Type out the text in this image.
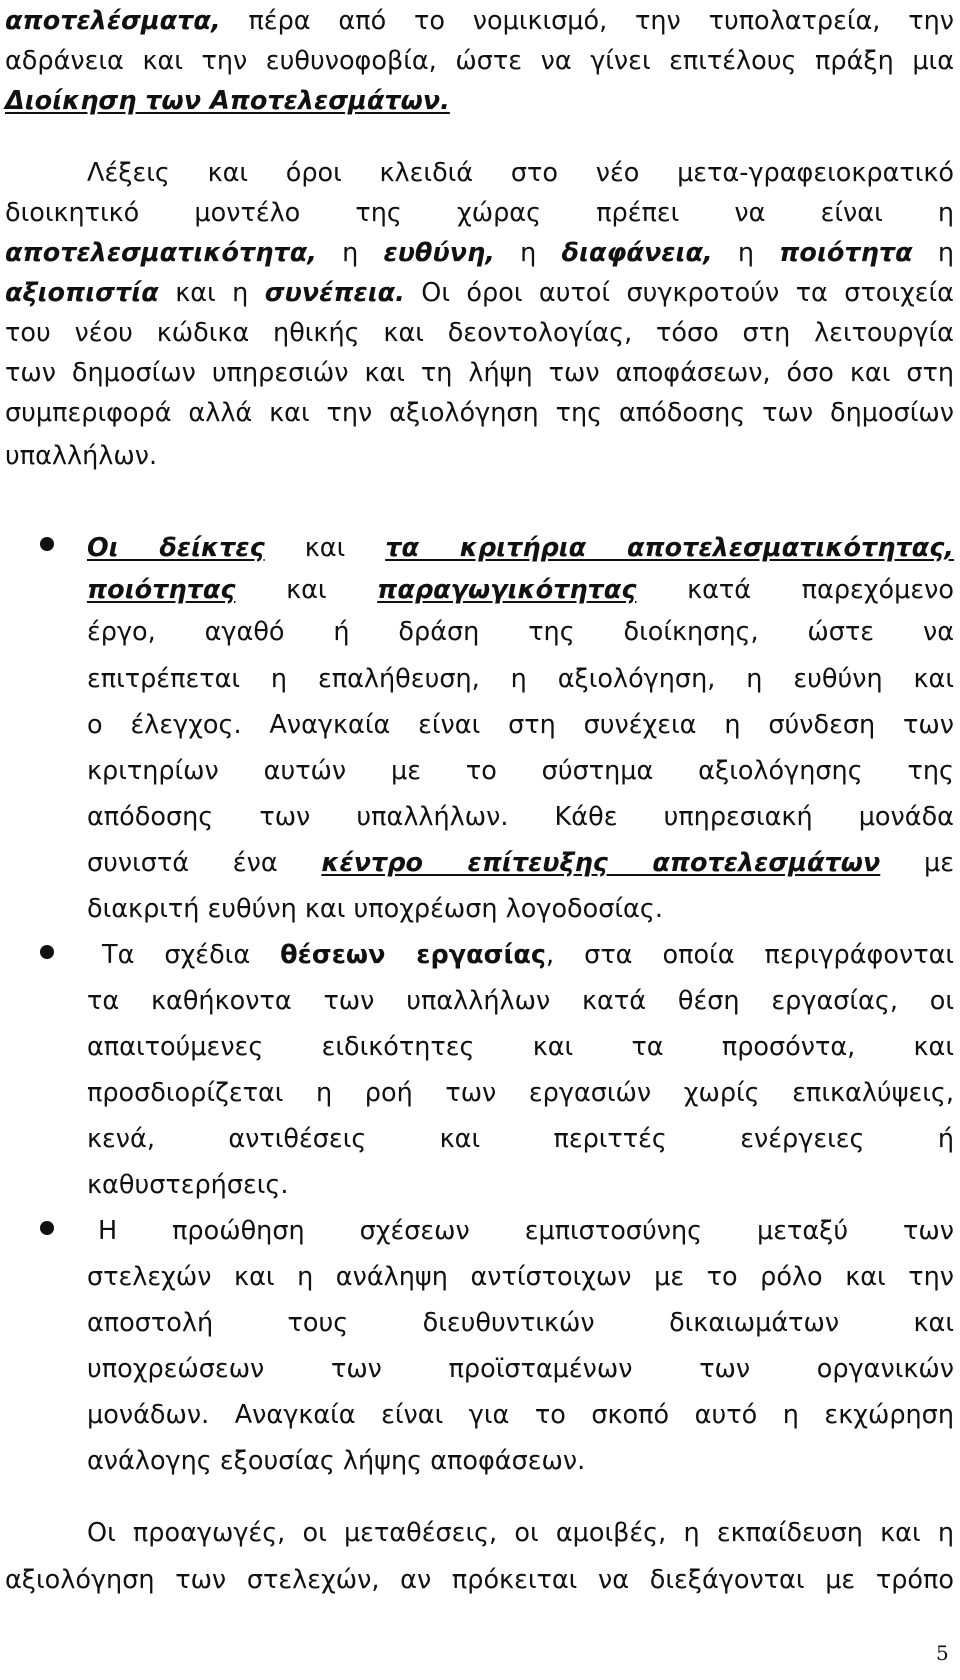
αποτελέσματα, πέρα από το νομικισμό, την τυπολατρεία, την
αδράνεια και την ευθυνοφοβία, ώστε να γίνει επιτέλους πράξη μια
Διοίκηση των Αποτελεσμάτων.
Λέξεις και όροι κλειδιά στο νέο μετα-γραφειοκρατικό
διοικητικό μοντέλο της χώρας πρέπει να είναι η
αποτελεσματικότητα, η ευθύνη, η διαφάνεια, η ποιότητα η
αξιοπιστία και η συνέπεια. Οι όροι αυτοί συγκροτούν τα στοιχεία
του νέου κώδικα ηθικής και δεοντολογίας, τόσο στη λειτουργία
των δημοσίων υπηρεσιών και τη λήψη των αποφάσεων, όσο και στη
συμπεριφορά αλλά και την αξιολόγηση της απόδοσης των δημοσίων
υπαλλήλων.
Οι δείκτες και τα κριτήρια αποτελεσματικότητας,
ποιότητας και παραγωγικότητας κατά παρεχόμενο
έργο, αγαθό ή δράση της διοίκησης, ώστε να
επιτρέπεται η επαλήθευση, η αξιολόγηση, η ευθύνη και
ο έλεγχος. Αναγκαία είναι στη συνέχεια η σύνδεση των
κριτηρίων αυτών με το σύστημα αξιολόγησης της
απόδοσης των υπαλλήλων. Κάθε υπηρεσιακή μονάδα
συνιστά ένα κέντρο επίτευξης αποτελεσμάτων με
διακριτή ευθύνη και υποχρέωση λογοδοσίας.
Τα σχέδια θέσεων εργασίας, στα οποία περιγράφονται
τα καθήκοντα των υπαλλήλων κατά θέση εργασίας, οι
απαιτούμενες ειδικότητες και τα προσόντα, και
προσδιορίζεται η ροή των εργασιών χωρίς επικαλύψεις,
κενά, αντιθέσεις και περιττές ενέργειες ή
καθυστερήσεις.
Η προώθηση σχέσεων εμπιστοσύνης μεταξύ των
στελεχών και η ανάληψη αντίστοιχων με το ρόλο και την
αποστολή τους διευθυντικών δικαιωμάτων και
υποχρεώσεων των προϊσταμένων των οργανικών
μονάδων. Αναγκαία είναι για το σκοπό αυτό η εκχώρηση
ανάλογης εξουσίας λήψης αποφάσεων.
Οι προαγωγές, οι μεταθέσεις, οι αμοιβές, η εκπαίδευση και η
αξιολόγηση των στελεχών, αν πρόκειται να διεξάγονται με τρόπο
5
